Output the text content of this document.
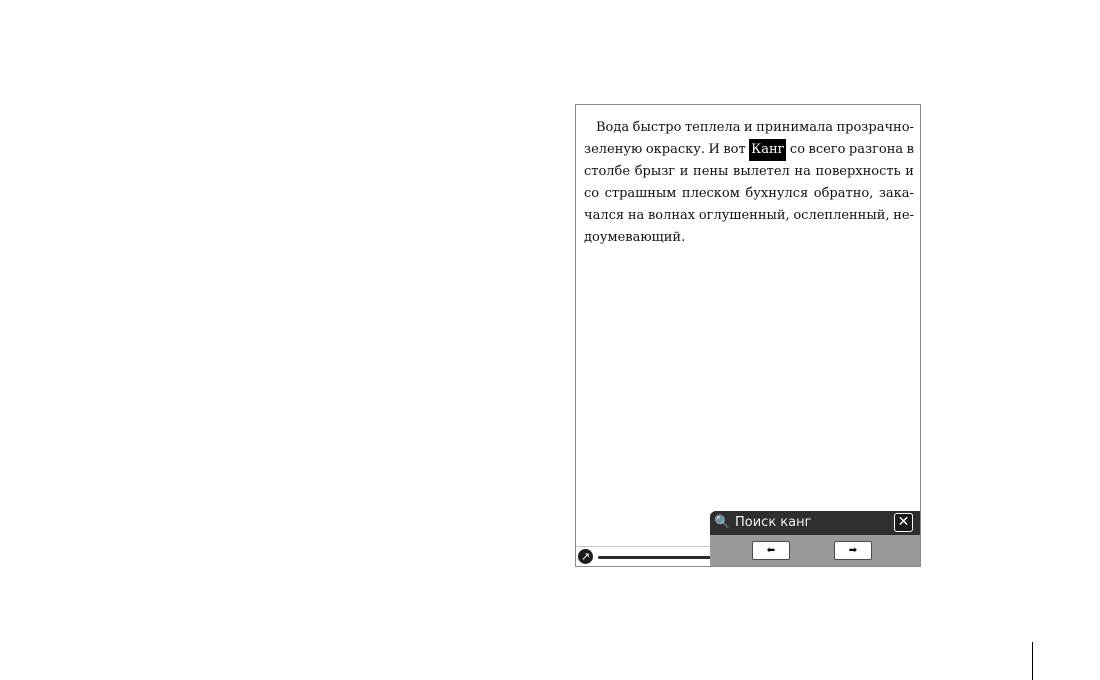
Вода быстро теплела и принимала прозрачно-
зеленую окраску. И вот Канг со всего разгона в
столбе брызг и пены вылетел на поверхность и
со страшным плеском бухнулся обратно, зака-
чался на волнах оглушенный, ослепленный, не-
доумевающий.
↗
🔍 Поиск канг	✕
⬅	➡
